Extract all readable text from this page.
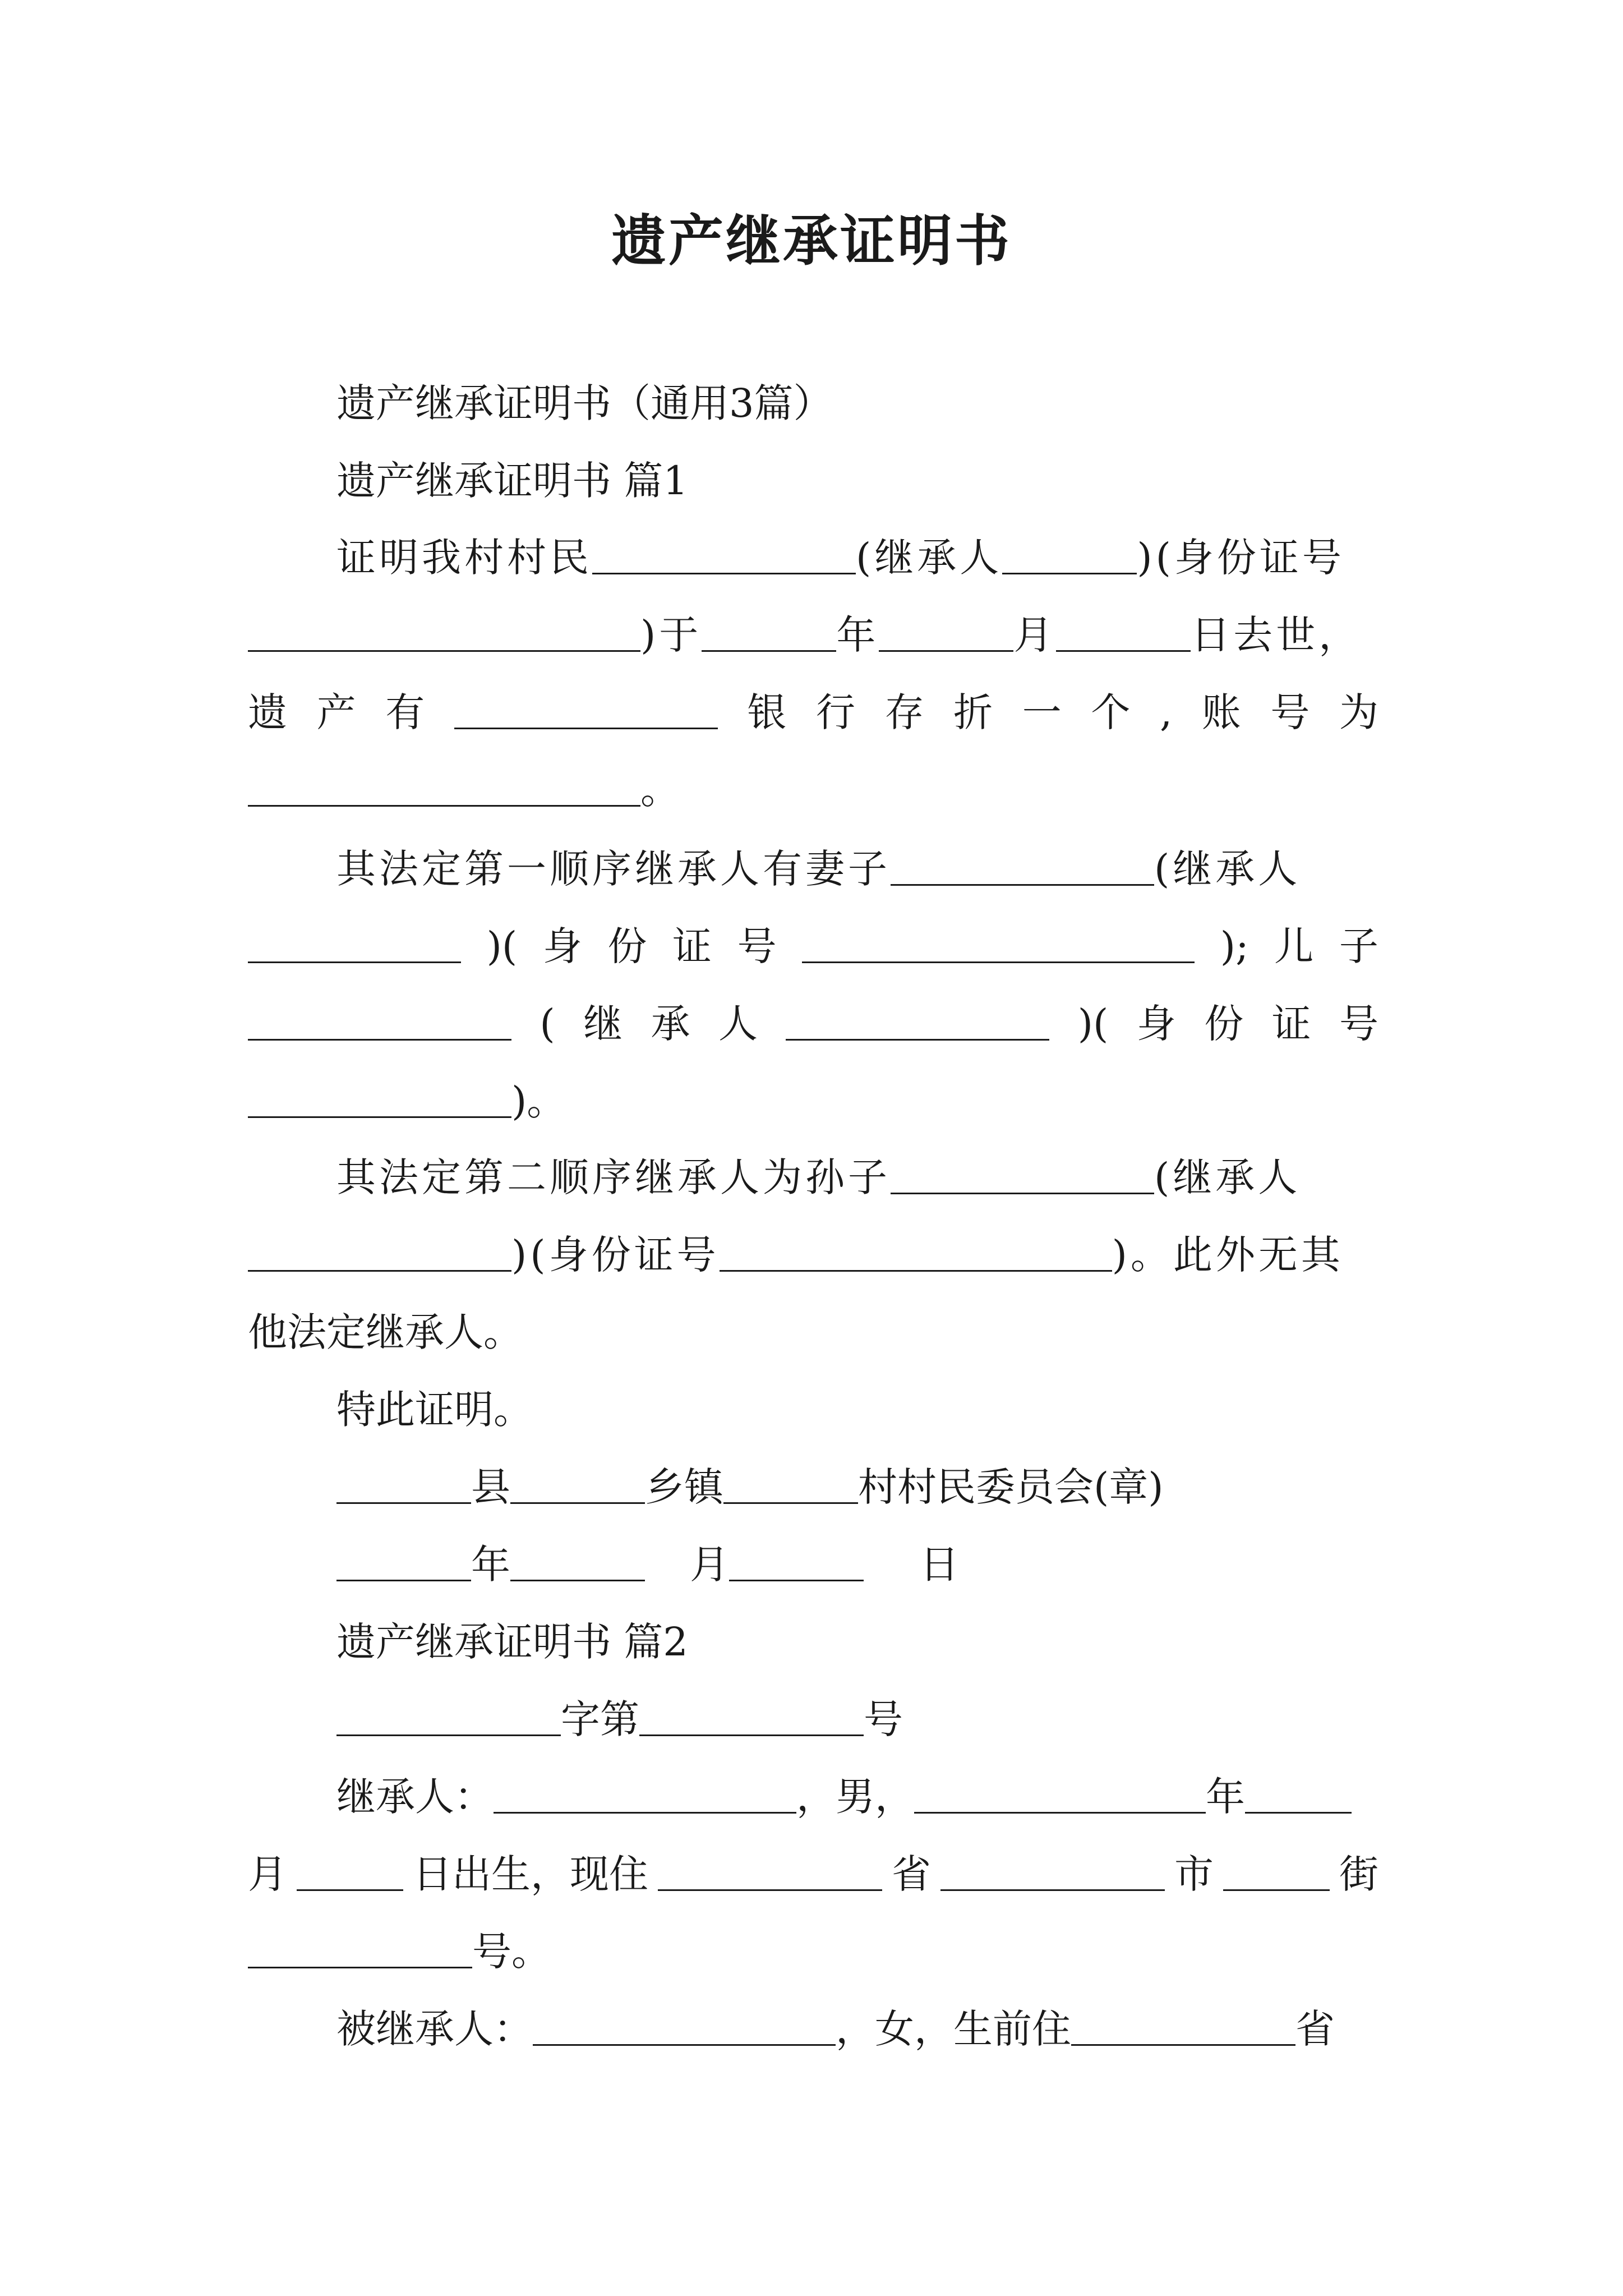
遗产继承证明书
遗产继承证明书（通用3篇）
遗产继承证明书 篇1
证明我村村民	(继承人	)(身份证号
)于	年	月	日去世，
遗 产 有	银 行 存 折 一 个 , 账 号 为
。
其法定第一顺序继承人有妻子	(继承人
)( 身 份 证 号	); 儿 子
( 继 承 人	)( 身 份 证 号
)。
其法定第二顺序继承人为孙子	(继承人
)(身份证号	)。此外无其
他法定继承人。
特此证明。
县	乡镇	村村民委员会(章)
年	月	日
遗产继承证明书 篇2
字第	号
继承人：	，男，	年
月	日出生，现住	省	市	街
号。
被继承人：	，女，生前住	省
